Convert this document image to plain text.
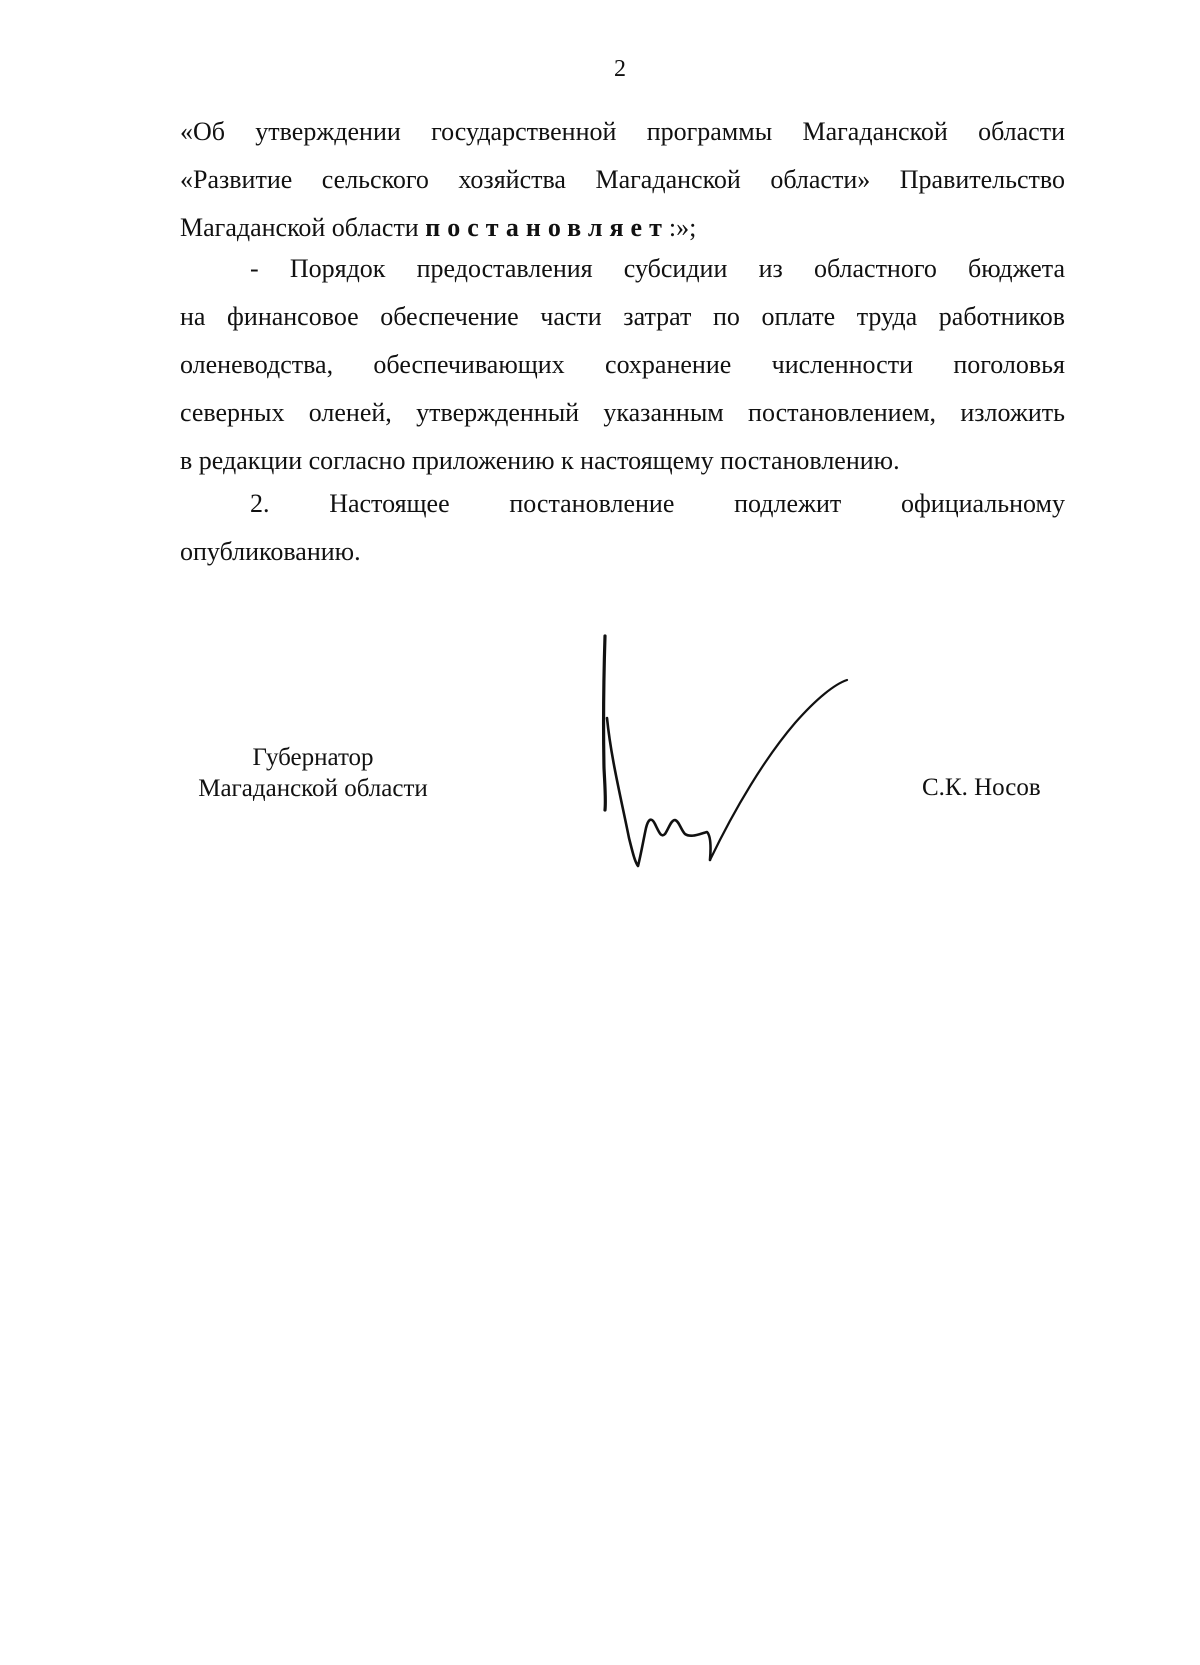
2

«Об утверждении государственной программы Магаданской области
«Развитие сельского хозяйства Магаданской области» Правительство
Магаданской области постановляет:»;

- Порядок предоставления субсидии из областного бюджета
на финансовое обеспечение части затрат по оплате труда работников
оленеводства, обеспечивающих сохранение численности поголовья
северных оленей, утвержденный указанным постановлением, изложить
в редакции согласно приложению к настоящему постановлению.

2. Настоящее постановление подлежит официальному
опубликованию.

Губернатор
Магаданской области	С.К. Носов
